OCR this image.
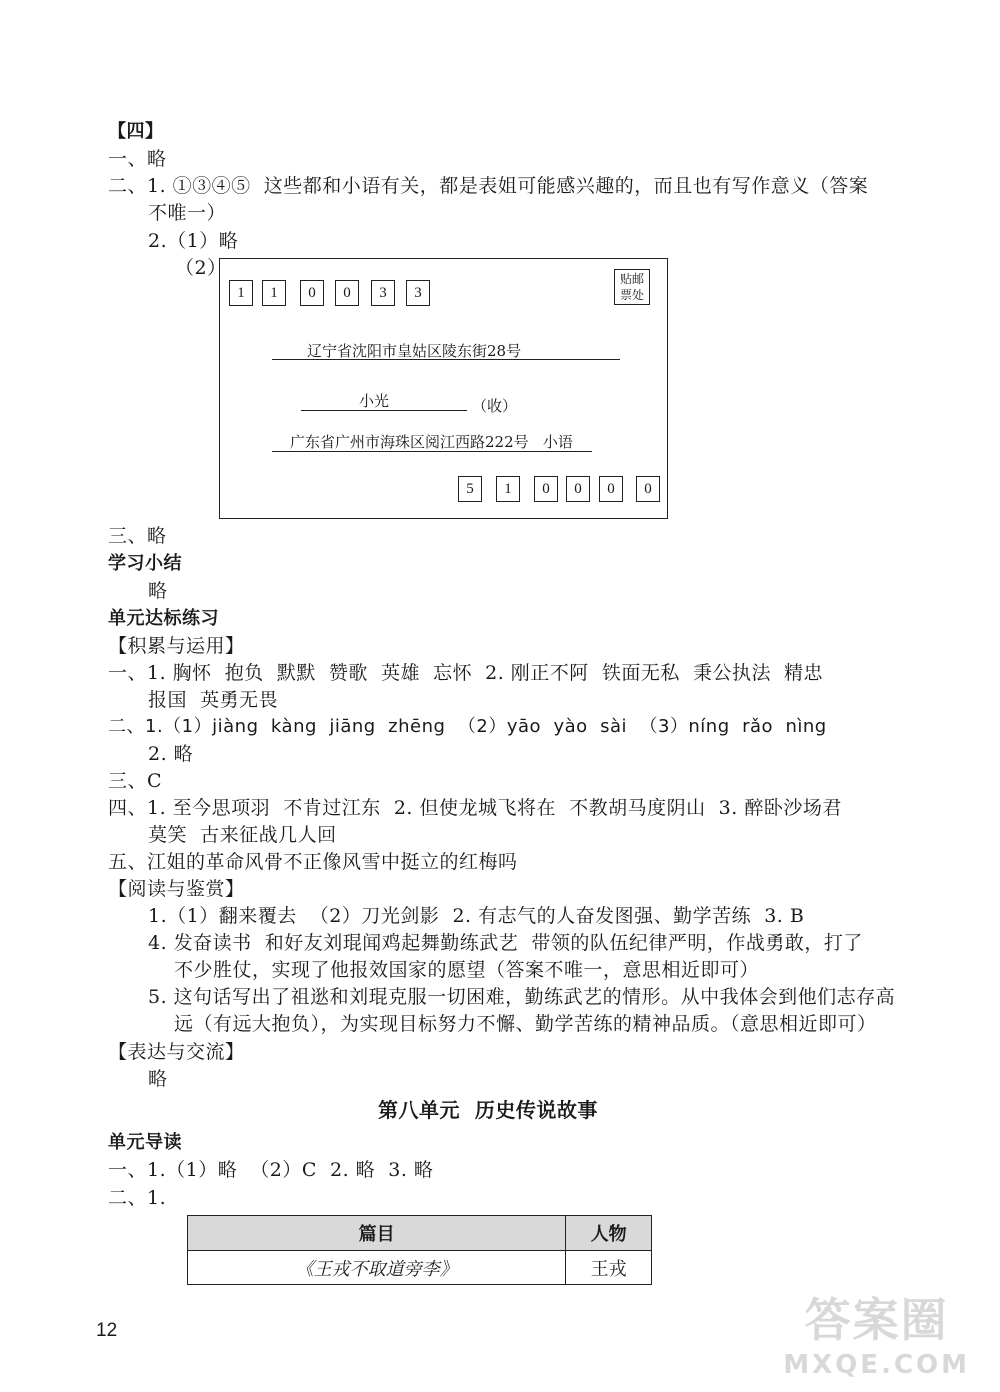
【四】
一、略
二、1. ①③④⑤  这些都和小语有关，都是表姐可能感兴趣的，而且也有写作意义（答案
不唯一）
2.（1）略
（2）
1	1	0	0	3	3
贴邮
票处
辽宁省沈阳市皇姑区陵东街28号
小光	（收）
广东省广州市海珠区阅江西路222号   小语
5	1	0	0	0	0
三、略
学习小结
略
单元达标练习
【积累与运用】
一、1. 胸怀  抱负  默默  赞歌  英雄  忘怀  2. 刚正不阿  铁面无私  秉公执法  精忠
报国  英勇无畏
二、1.（1）jiàng  kàng  jiāng  zhēng  （2）yāo  yào  sài  （3）níng  rǎo  nìng
2. 略
三、C
四、1. 至今思项羽  不肯过江东  2. 但使龙城飞将在  不教胡马度阴山  3. 醉卧沙场君
莫笑  古来征战几人回
五、江姐的革命风骨不正像风雪中挺立的红梅吗
【阅读与鉴赏】
1.（1）翻来覆去  （2）刀光剑影  2. 有志气的人奋发图强、勤学苦练  3. B
4. 发奋读书  和好友刘琨闻鸡起舞勤练武艺  带领的队伍纪律严明，作战勇敢，打了
不少胜仗，实现了他报效国家的愿望（答案不唯一，意思相近即可）
5. 这句话写出了祖逖和刘琨克服一切困难，勤练武艺的情形。从中我体会到他们志存高
远（有远大抱负），为实现目标努力不懈、勤学苦练的精神品质。（意思相近即可）
【表达与交流】
略
第八单元  历史传说故事
单元导读
一、1.（1）略  （2）C  2. 略  3. 略
二、1.
篇目	人物
《王戎不取道旁李》	王戎
12	答案圈
MXQE.COM
